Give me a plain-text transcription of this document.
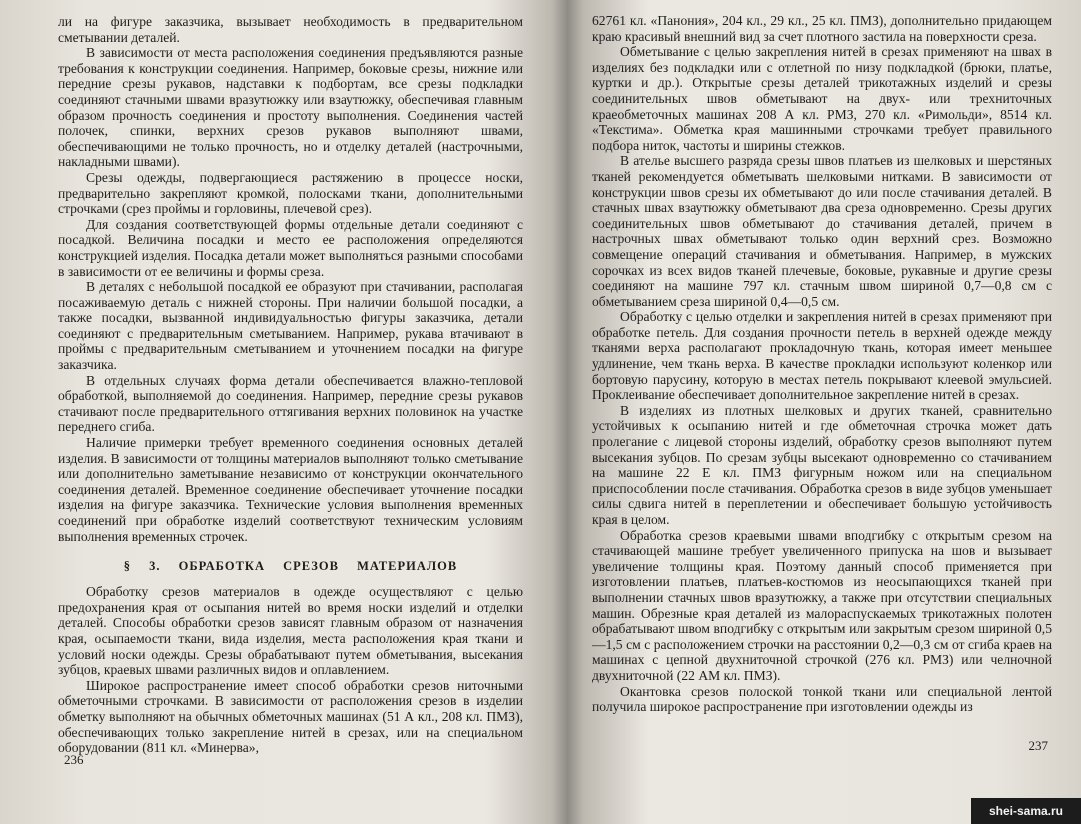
ли на фигуре заказчика, вызывает необходимость в предварительном сметывании деталей.

В зависимости от места расположения соединения предъявляются разные требования к конструкции соединения. Например, боковые срезы, нижние или передние срезы рукавов, надставки к подбортам, все срезы подкладки соединяют стачными швами вразутюжку или взаутюжку, обеспечивая главным образом прочность соединения и простоту выполнения. Соединения частей полочек, спинки, верхних срезов рукавов выполняют швами, обеспечивающими не только прочность, но и отделку деталей (настрочными, накладными швами).

Срезы одежды, подвергающиеся растяжению в процессе носки, предварительно закрепляют кромкой, полосками ткани, дополнительными строчками (срез проймы и горловины, плечевой срез).

Для создания соответствующей формы отдельные детали соединяют с посадкой. Величина посадки и место ее расположения определяются конструкцией изделия. Посадка детали может выполняться разными способами в зависимости от ее величины и формы среза.

В деталях с небольшой посадкой ее образуют при стачивании, располагая посаживаемую деталь с нижней стороны. При наличии большой посадки, а также посадки, вызванной индивидуальностью фигуры заказчика, детали соединяют с предварительным сметыванием. Например, рукава втачивают в проймы с предварительным сметыванием и уточнением посадки на фигуре заказчика.

В отдельных случаях форма детали обеспечивается влажно-тепловой обработкой, выполняемой до соединения. Например, передние срезы рукавов стачивают после предварительного оттягивания верхних половинок на участке переднего сгиба.

Наличие примерки требует временного соединения основных деталей изделия. В зависимости от толщины материалов выполняют только сметывание или дополнительно заметывание независимо от конструкции окончательного соединения деталей. Временное соединение обеспечивает уточнение посадки изделия на фигуре заказчика. Технические условия выполнения временных соединений при обработке изделий соответствуют техническим условиям выполнения временных строчек.

§ 3. ОБРАБОТКА СРЕЗОВ МАТЕРИАЛОВ

Обработку срезов материалов в одежде осуществляют с целью предохранения края от осыпания нитей во время носки изделий и отделки деталей. Способы обработки срезов зависят главным образом от назначения края, осыпаемости ткани, вида изделия, места расположения края ткани и условий носки одежды. Срезы обрабатывают путем обметывания, высекания зубцов, краевых швами различных видов и оплавлением.

Широкое распространение имеет способ обработки срезов ниточными обметочными строчками. В зависимости от расположения срезов в изделии обметку выполняют на обычных обметочных машинах (51 А кл., 208 кл. ПМЗ), обеспечивающих только закрепление нитей в срезах, или на специальном оборудовании (811 кл. «Минерва»,

236

62761 кл. «Панония», 204 кл., 29 кл., 25 кл. ПМЗ), дополнительно придающем краю красивый внешний вид за счет плотного застила на поверхности среза.

Обметывание с целью закрепления нитей в срезах применяют на швах в изделиях без подкладки или с отлетной по низу подкладкой (брюки, платье, куртки и др.). Открытые срезы деталей трикотажных изделий и срезы соединительных швов обметывают на двух- или трехниточных краеобметочных машинах 208 А кл. РМЗ, 270 кл. «Римольди», 8514 кл. «Текстима». Обметка края машинными строчками требует правильного подбора ниток, частоты и ширины стежков.

В ателье высшего разряда срезы швов платьев из шелковых и шерстяных тканей рекомендуется обметывать шелковыми нитками. В зависимости от конструкции швов срезы их обметывают до или после стачивания деталей. В стачных швах взаутюжку обметывают два среза одновременно. Срезы других соединительных швов обметывают до стачивания деталей, причем в настрочных швах обметывают только один верхний срез. Возможно совмещение операций стачивания и обметывания. Например, в мужских сорочках из всех видов тканей плечевые, боковые, рукавные и другие срезы соединяют на машине 797 кл. стачным швом шириной 0,7—0,8 см с обметыванием среза шириной 0,4—0,5 см.

Обработку с целью отделки и закрепления нитей в срезах применяют при обработке петель. Для создания прочности петель в верхней одежде между тканями верха располагают прокладочную ткань, которая имеет меньшее удлинение, чем ткань верха. В качестве прокладки используют коленкор или бортовую парусину, которую в местах петель покрывают клеевой эмульсией. Проклеивание обеспечивает дополнительное закрепление нитей в срезах.

В изделиях из плотных шелковых и других тканей, сравнительно устойчивых к осыпанию нитей и где обметочная строчка может дать пролегание с лицевой стороны изделий, обработку срезов выполняют путем высекания зубцов. По срезам зубцы высекают одновременно со стачиванием на машине 22 Е кл. ПМЗ фигурным ножом или на специальном приспособлении после стачивания. Обработка срезов в виде зубцов уменьшает силы сдвига нитей в переплетении и обеспечивает большую устойчивость края в целом.

Обработка срезов краевыми швами вподгибку с открытым срезом на стачивающей машине требует увеличенного припуска на шов и вызывает увеличение толщины края. Поэтому данный способ применяется при изготовлении платьев, платьев-костюмов из неосыпающихся тканей при выполнении стачных швов вразутюжку, а также при отсутствии специальных машин. Обрезные края деталей из малораспускаемых трикотажных полотен обрабатывают швом вподгибку с открытым или закрытым срезом шириной 0,5—1,5 см с расположением строчки на расстоянии 0,2—0,3 см от сгиба краев на машинах с цепной двухниточной строчкой (276 кл. РМЗ) или челночной двухниточной (22 АМ кл. ПМЗ).

Окантовка срезов полоской тонкой ткани или специальной лентой получила широкое распространение при изготовлении одежды из

237
shei-sama.ru
